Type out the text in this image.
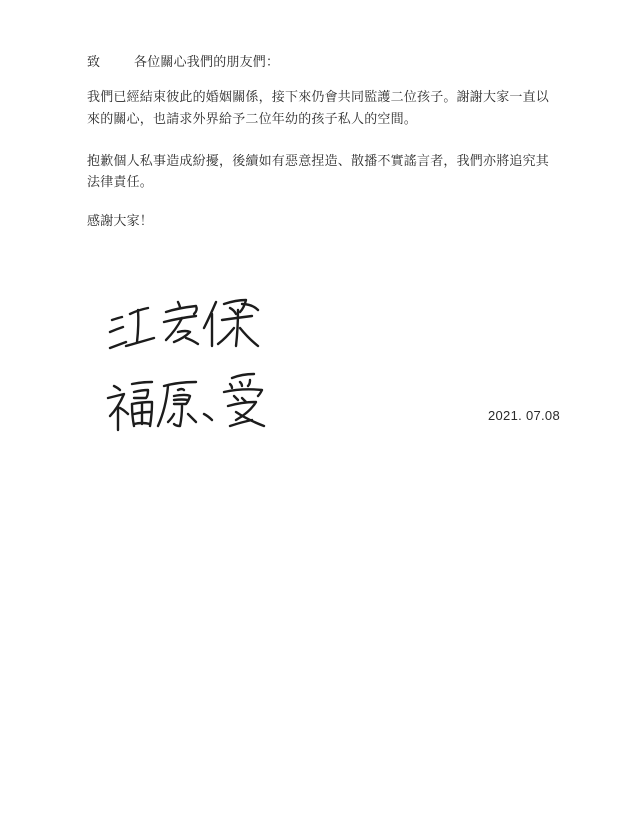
致	各位關心我們的朋友們：
我們已經結束彼此的婚姻關係，接下來仍會共同監護二位孩子。謝謝大家一直以
來的關心，也請求外界給予二位年幼的孩子私人的空間。
抱歉個人私事造成紛擾，後續如有惡意捏造、散播不實謠言者，我們亦將追究其
法律責任。
感謝大家！
2021. 07.08
